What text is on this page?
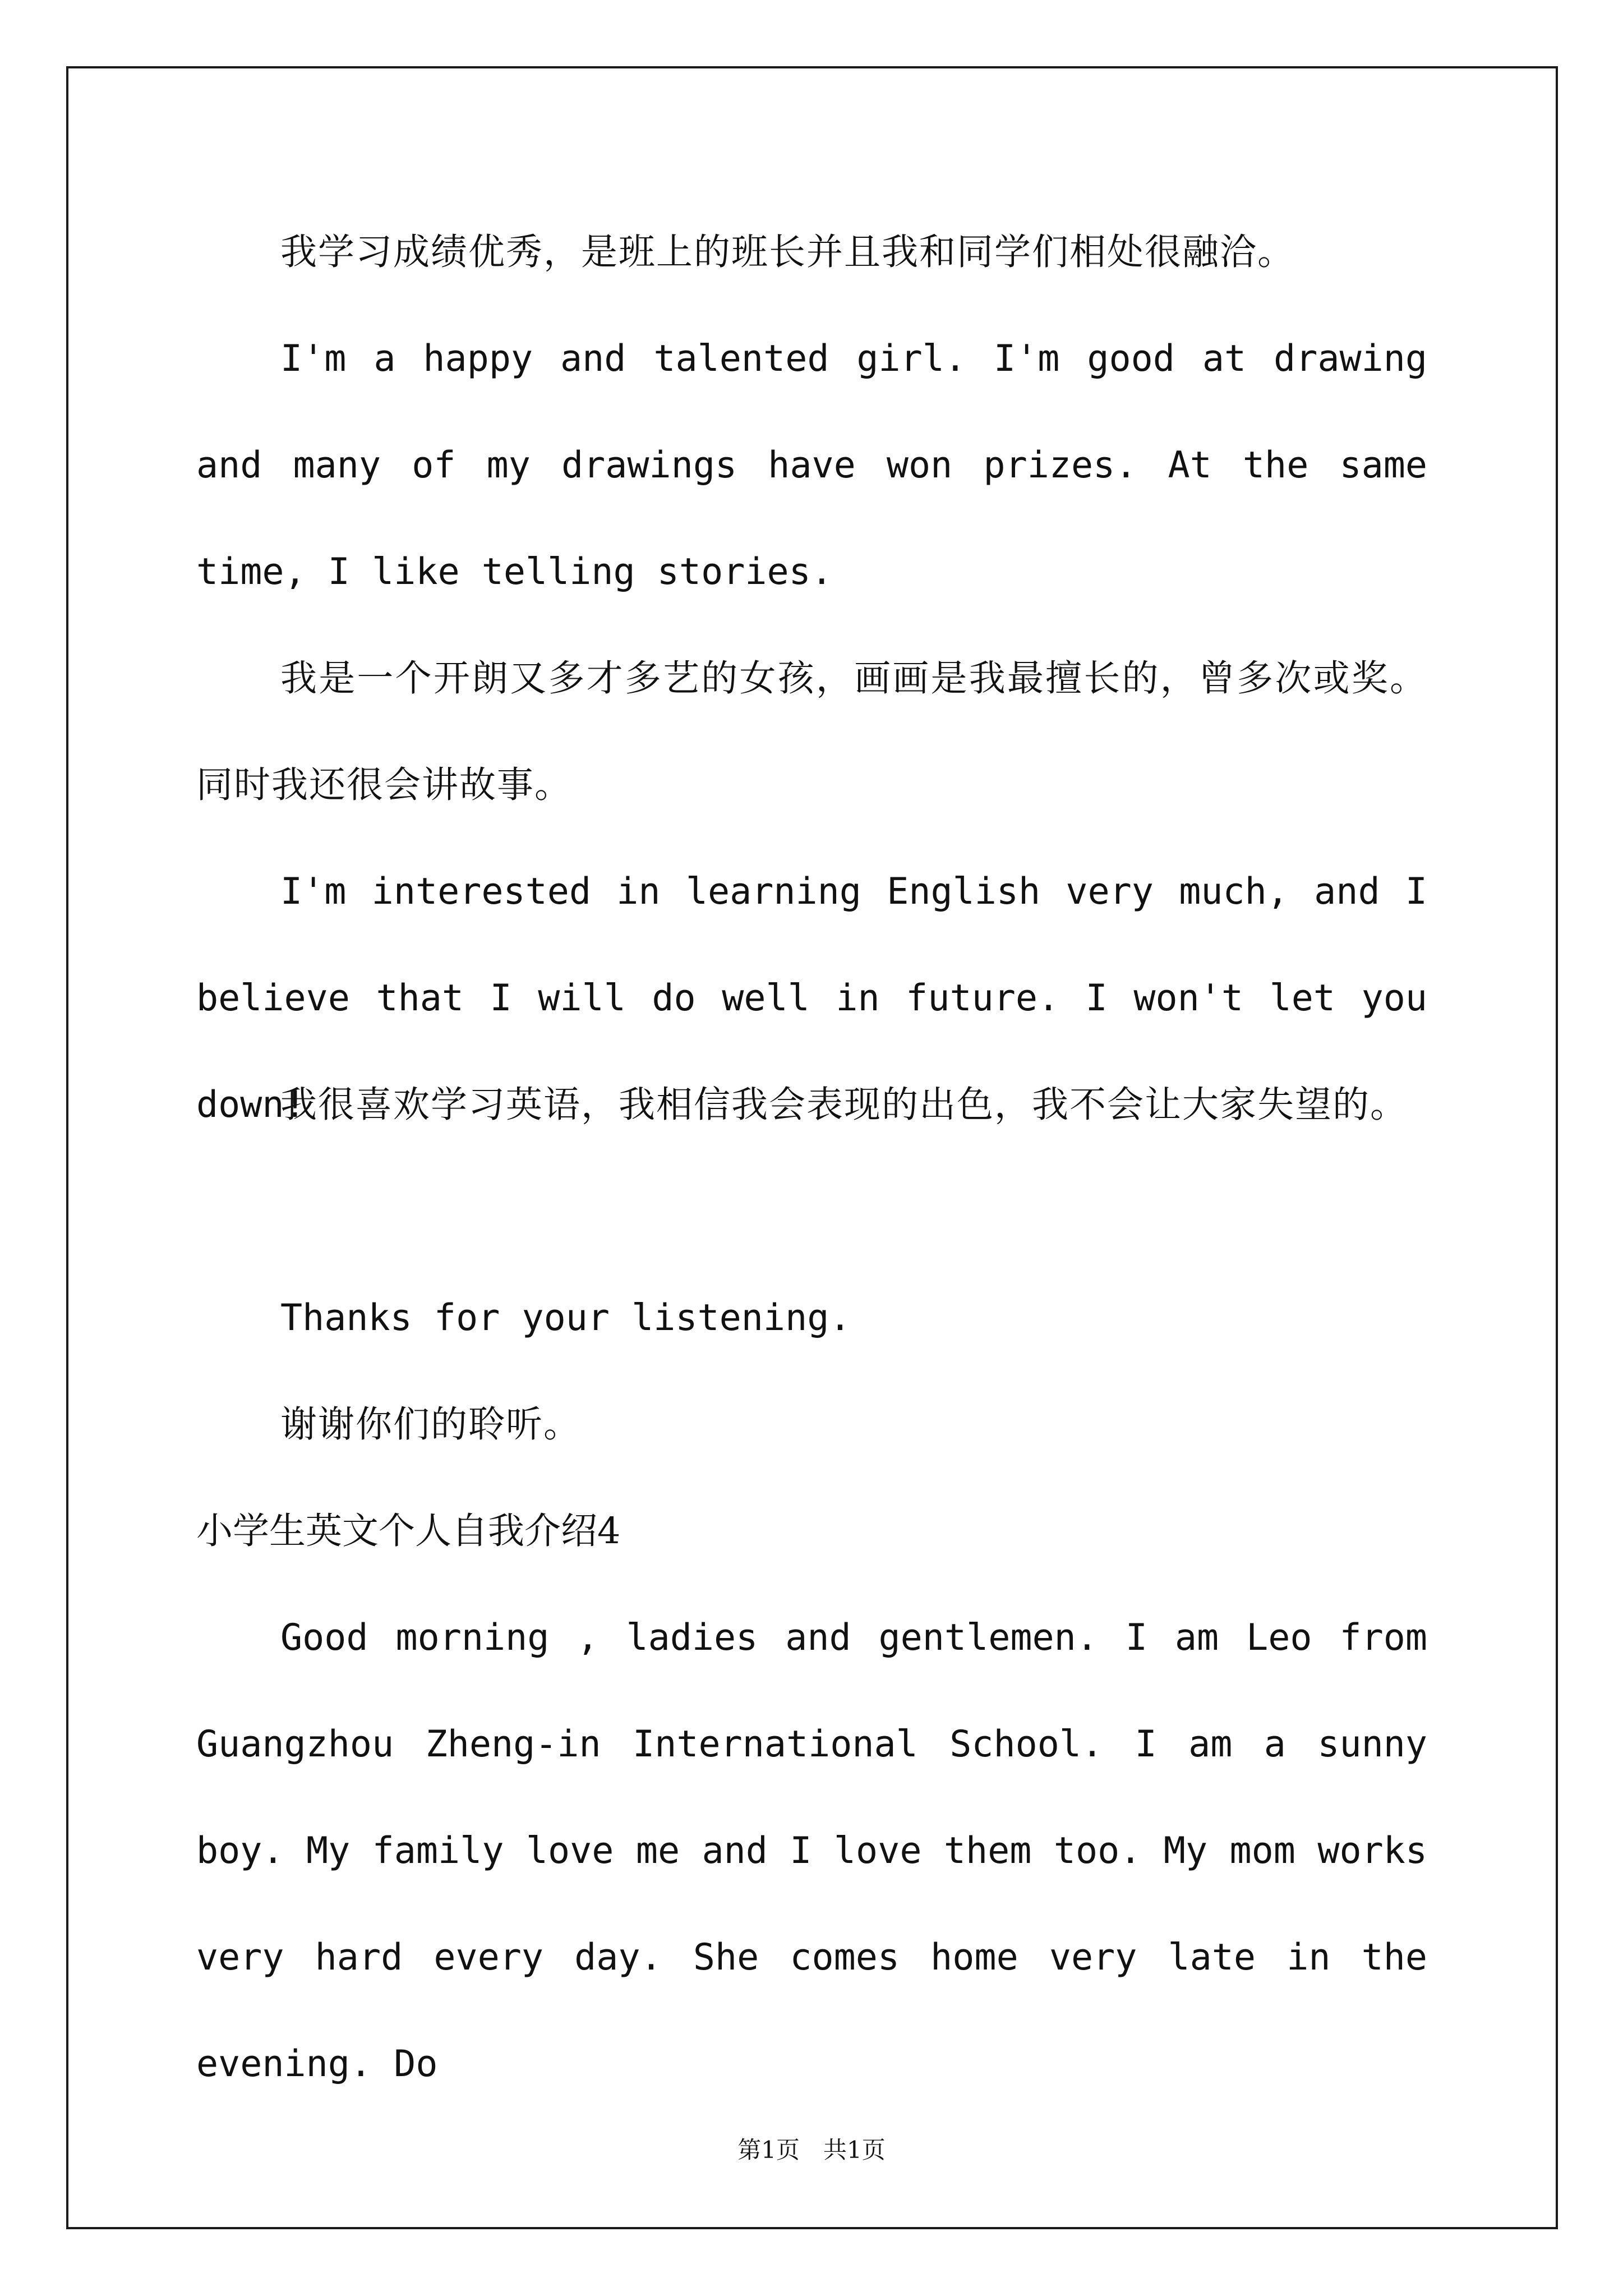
我学习成绩优秀，是班上的班长并且我和同学们相处很融洽。

I'm a happy and talented girl. I'm good at drawing and many of my drawings have won prizes. At the same time, I like telling stories.

我是一个开朗又多才多艺的女孩，画画是我最擅长的，曾多次或奖。同时我还很会讲故事。

I'm interested in learning English very much, and I believe that I will do well in future. I won't let you down!

我很喜欢学习英语，我相信我会表现的出色，我不会让大家失望的。

Thanks for your listening.

谢谢你们的聆听。

小学生英文个人自我介绍4

Good morning , ladies and gentlemen. I am Leo from Guangzhou Zheng-in International School. I am a sunny boy. My family love me and I love them too. My mom works very hard every day. She comes home very late in the evening. Do

第1页　共1页
